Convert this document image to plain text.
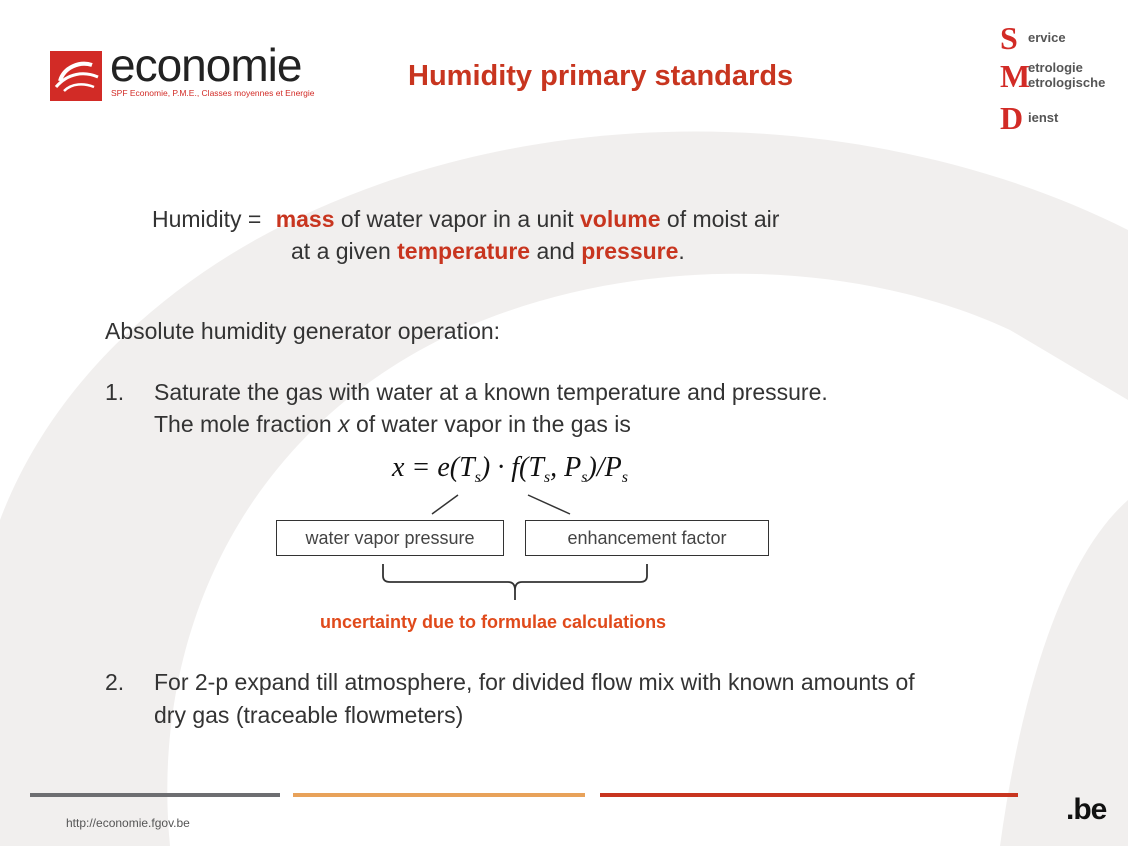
economie
SPF Economie, P.M.E., Classes moyennes et Energie
Humidity primary standards
S ervice
M
etrologie
etrologische
D ienst
Humidity = mass of water vapor in a unit volume of moist air
at a given temperature and pressure.
Absolute humidity generator operation:
1. Saturate the gas with water at a known temperature and pressure.
The mole fraction x of water vapor in the gas is
$x = e(T_s) \cdot f(T_s$, $P_s)/P_s$
water vapor pressure	enhancement factor
uncertainty due to formulae calculations
2. For 2-p expand till atmosphere, for divided flow mix with known amounts of
dry gas (traceable flowmeters)
http://economie.fgov.be	.be
